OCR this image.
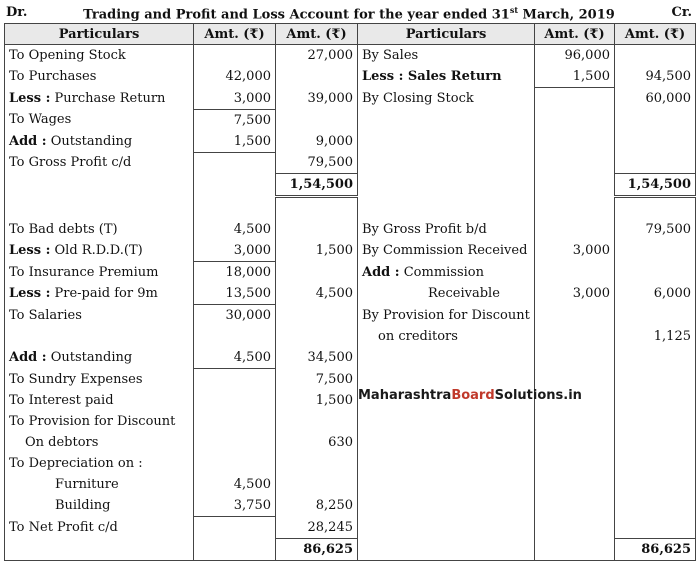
Dr.	Trading and Profit and Loss Account for the year ended 31st March, 2019	Cr.
Particulars	Amt. (₹)	Amt. (₹)	Particulars	Amt. (₹)	Amt. (₹)
To Opening Stock		27,000	By Sales	96,000	
To Purchases	42,000		Less : Sales Return	1,500	94,500
Less : Purchase Return	3,000	39,000	By Closing Stock		60,000
To Wages	7,500				
Add : Outstanding	1,500	9,000			
To Gross Profit c/d		79,500			
		1,54,500			1,54,500

To Bad debts (T)	4,500		By Gross Profit b/d		79,500
Less : Old R.D.D.(T)	3,000	1,500	By Commission Received	3,000	
To Insurance Premium	18,000		Add : Commission		
Less : Pre-paid for 9m	13,500	4,500	Receivable	3,000	6,000
To Salaries	30,000		By Provision for Discount		
			on creditors		1,125
Add : Outstanding	4,500	34,500			
To Sundry Expenses		7,500			
To Interest paid		1,500			
To Provision for Discount					
On debtors		630			
To Depreciation on :					
Furniture	4,500				
Building	3,750	8,250			
To Net Profit c/d		28,245			
		86,625			86,625
MaharashtraBoardSolutions.in
